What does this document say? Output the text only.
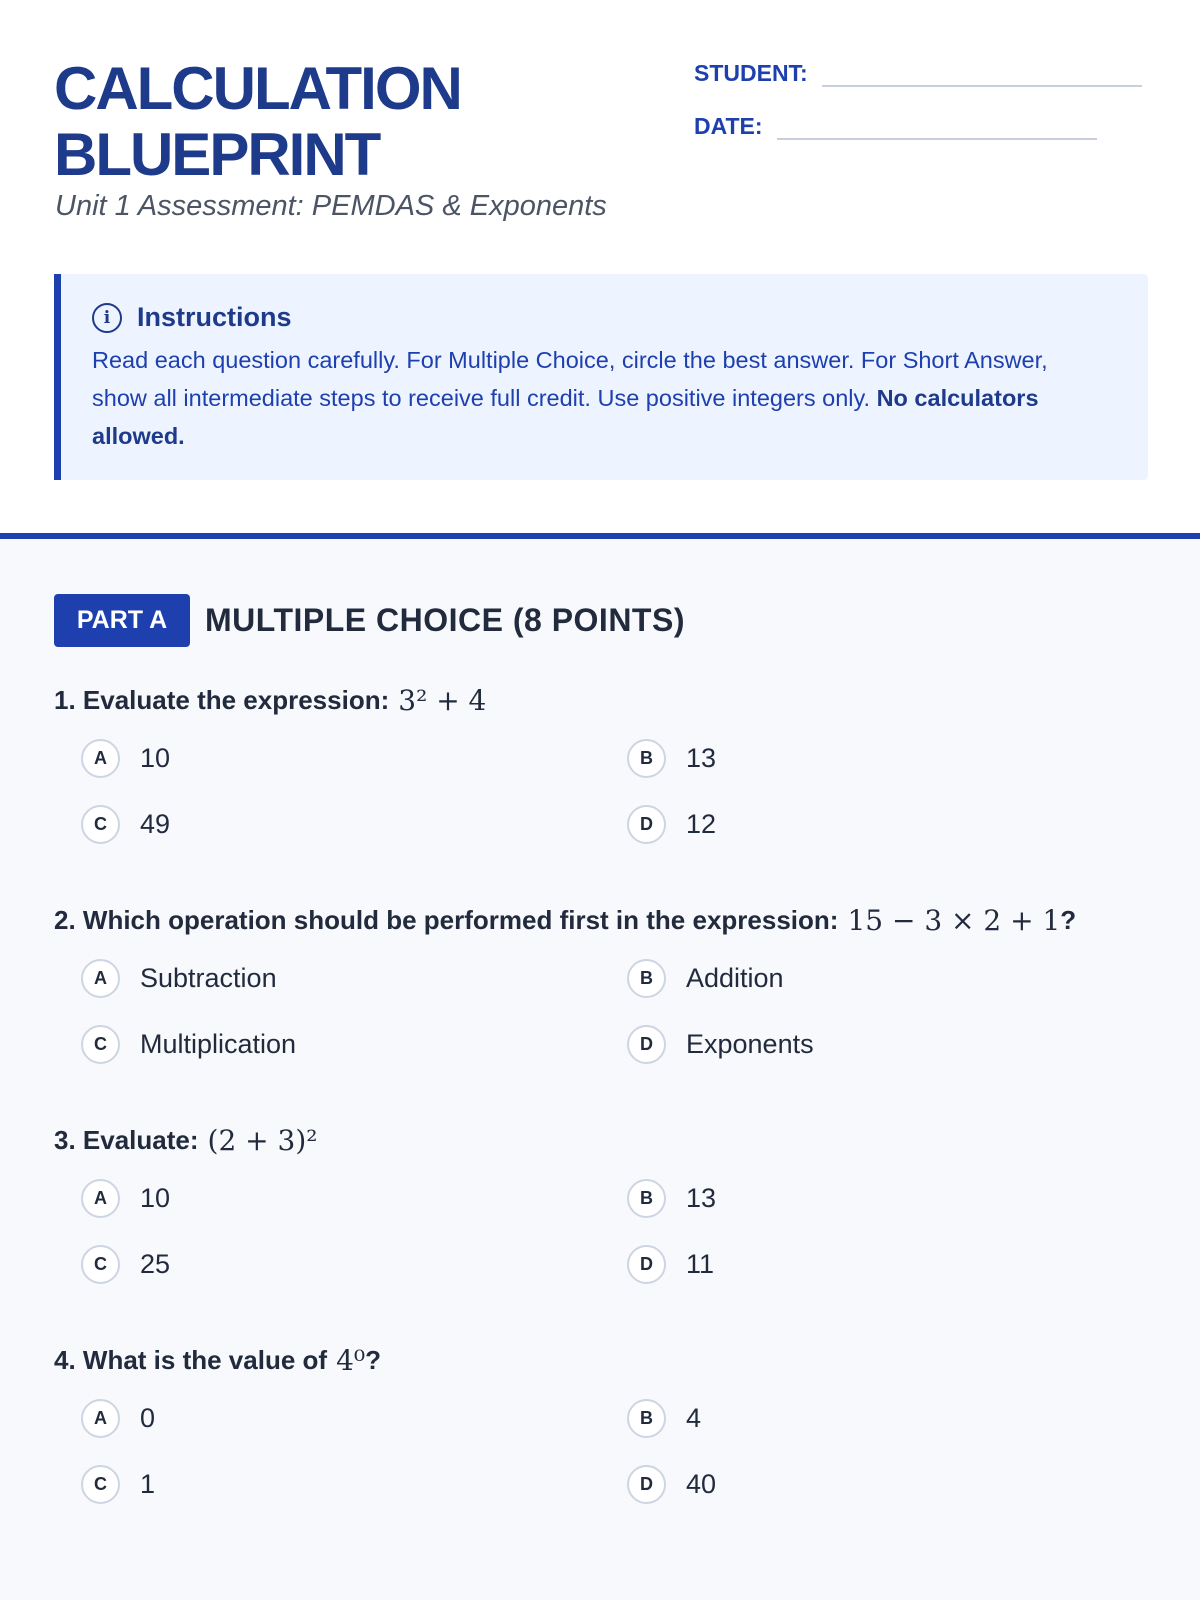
CALCULATION
BLUEPRINT
Unit 1 Assessment: PEMDAS & Exponents
STUDENT:
DATE:
i Instructions
Read each question carefully. For Multiple Choice, circle the best answer. For Short Answer, show all intermediate steps to receive full credit. Use positive integers only. No calculators allowed.
PART A	MULTIPLE CHOICE (8 POINTS)
1. Evaluate the expression: 3² + 4
A	10	B	13
C	49	D	12
2. Which operation should be performed first in the expression: 15 − 3 × 2 + 1 ?
A	Subtraction	B	Addition
C	Multiplication	D	Exponents
3. Evaluate: (2 + 3)²
A	10	B	13
C	25	D	11
4. What is the value of 4⁰ ?
A	0	B	4
C	1	D	40
